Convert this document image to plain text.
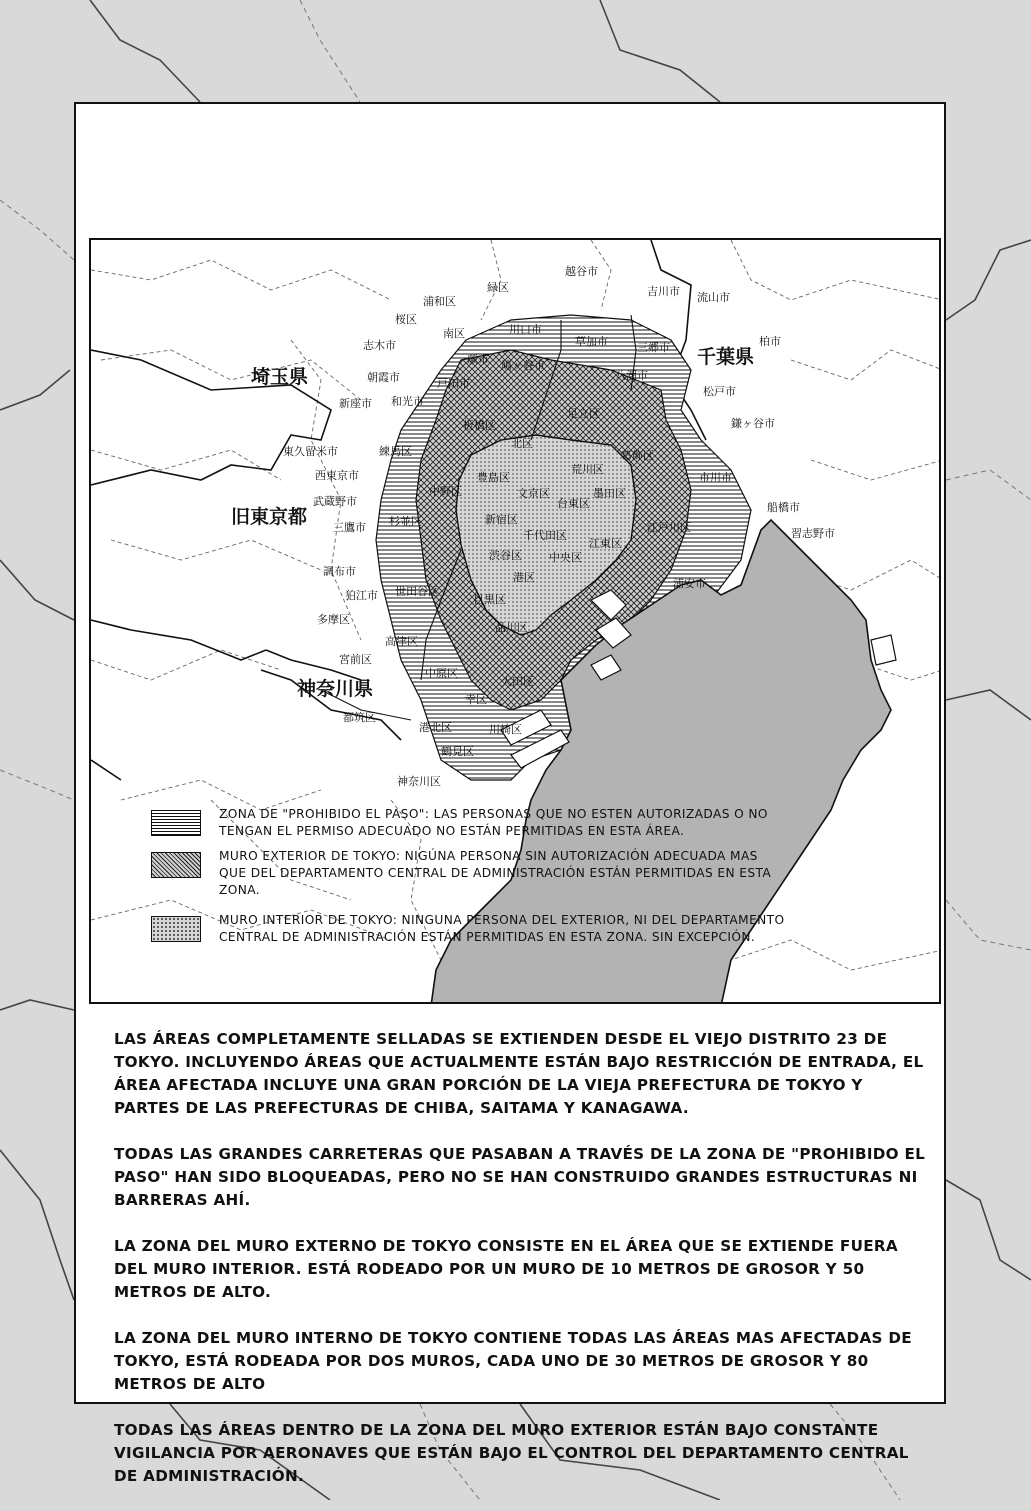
越谷市
吉川市 流山市
緑区
浦和区
桜区
南区	川口市
草加市	三郷市	柏市
志木市
朝霞市
蕨市 鳩ヶ谷市
八潮市
松戸市
戸田市
新座市 和光市
足立区
鎌ヶ谷市
板橋区
葛飾区
北区
東久留米市	練馬区
荒川区
市川市
豊島区
西東京市
中野区	文京区
台東区
墨田区
武蔵野市
杉並区	新宿区
船橋市
江戸川区
三鷹市
千代田区	習志野市
渋谷区 中央区
江東区
調布市
世田谷区
港区	浦安市
狛江市	目黒区
品川区
多摩区
高津区
宮前区
中原区
大田区
幸区
都筑区
港北区	川崎区
鶴見区
神奈川区
埼玉県
千葉県
旧東京都
神奈川県
ZONA DE "PROHIBIDO EL PASO": LAS PERSONAS QUE NO ESTEN AUTORIZADAS O NO TENGAN EL PERMISO ADECUADO NO ESTÁN PERMITIDAS EN ESTA ÁREA.
MURO EXTERIOR DE TOKYO: NIGÚNA PERSONA SIN AUTORIZACIÓN ADECUADA MAS QUE DEL DEPARTAMENTO CENTRAL DE ADMINISTRACIÓN ESTÁN PERMITIDAS EN ESTA ZONA.
MURO INTERIOR DE TOKYO: NINGUNA PERSONA DEL EXTERIOR, NI DEL DEPARTAMENTO CENTRAL DE ADMINISTRACIÓN ESTÁN PERMITIDAS EN ESTA ZONA. SIN EXCEPCIÓN.

LAS ÁREAS COMPLETAMENTE SELLADAS SE EXTIENDEN DESDE EL VIEJO DISTRITO 23 DE TOKYO. INCLUYENDO ÁREAS QUE ACTUALMENTE ESTÁN BAJO RESTRICCIÓN DE ENTRADA, EL ÁREA AFECTADA INCLUYE UNA GRAN PORCIÓN DE LA VIEJA PREFECTURA DE TOKYO Y PARTES DE LAS PREFECTURAS DE CHIBA, SAITAMA Y KANAGAWA.

TODAS LAS GRANDES CARRETERAS QUE PASABAN A TRAVÉS DE LA ZONA DE "PROHIBIDO EL PASO" HAN SIDO BLOQUEADAS, PERO NO SE HAN CONSTRUIDO GRANDES ESTRUCTURAS NI BARRERAS AHÍ.

LA ZONA DEL MURO EXTERNO DE TOKYO CONSISTE EN EL ÁREA QUE SE EXTIENDE FUERA DEL MURO INTERIOR. ESTÁ RODEADO POR UN MURO DE 10 METROS DE GROSOR Y 50 METROS DE ALTO.

LA ZONA DEL MURO INTERNO DE TOKYO CONTIENE TODAS LAS ÁREAS MAS AFECTADAS DE TOKYO, ESTÁ RODEADA POR DOS MUROS, CADA UNO DE 30 METROS DE GROSOR Y 80 METROS DE ALTO

TODAS LAS ÁREAS DENTRO DE LA ZONA DEL MURO EXTERIOR ESTÁN BAJO CONSTANTE VIGILANCIA POR AERONAVES QUE ESTÁN BAJO EL CONTROL DEL DEPARTAMENTO CENTRAL DE ADMINISTRACIÓN.
